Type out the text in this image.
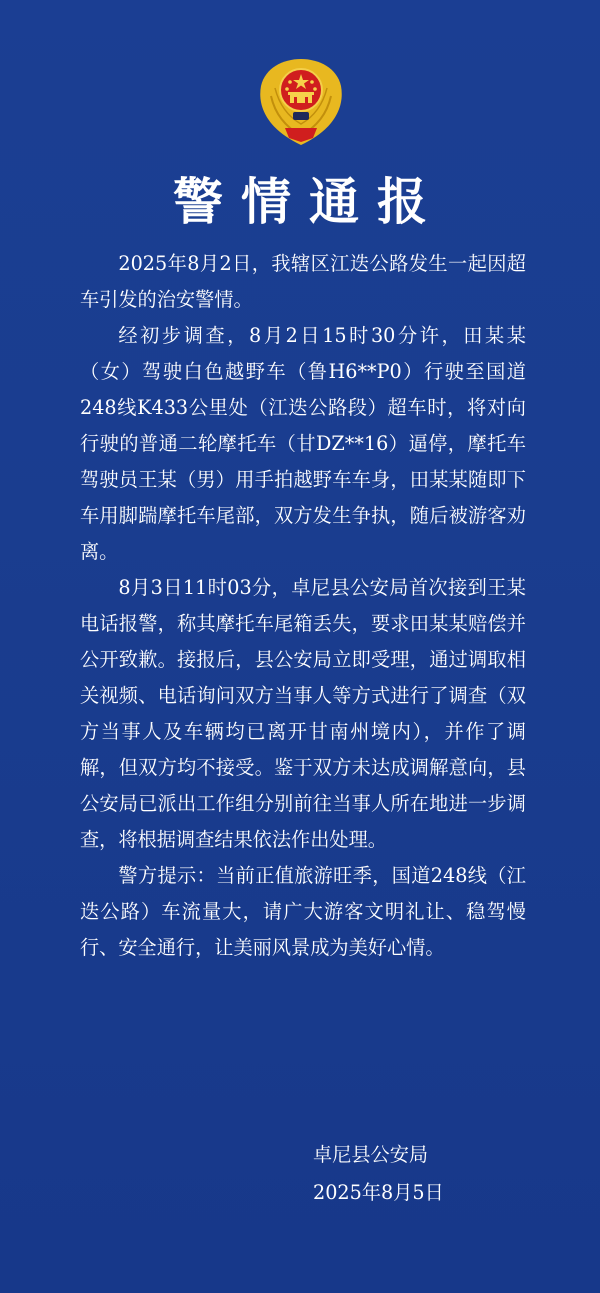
警情通报

2025年8月2日，我辖区江迭公路发生一起因超车引发的治安警情。

经初步调查，8月2日15时30分许，田某某（女）驾驶白色越野车（鲁H6**P0）行驶至国道248线K433公里处（江迭公路段）超车时，将对向行驶的普通二轮摩托车（甘DZ**16）逼停，摩托车驾驶员王某（男）用手拍越野车车身，田某某随即下车用脚踹摩托车尾部，双方发生争执，随后被游客劝离。

8月3日11时03分，卓尼县公安局首次接到王某电话报警，称其摩托车尾箱丢失，要求田某某赔偿并公开致歉。接报后，县公安局立即受理，通过调取相关视频、电话询问双方当事人等方式进行了调查（双方当事人及车辆均已离开甘南州境内），并作了调解，但双方均不接受。鉴于双方未达成调解意向，县公安局已派出工作组分别前往当事人所在地进一步调查，将根据调查结果依法作出处理。

警方提示：当前正值旅游旺季，国道248线（江迭公路）车流量大，请广大游客文明礼让、稳驾慢行、安全通行，让美丽风景成为美好心情。

卓尼县公安局
2025年8月5日
